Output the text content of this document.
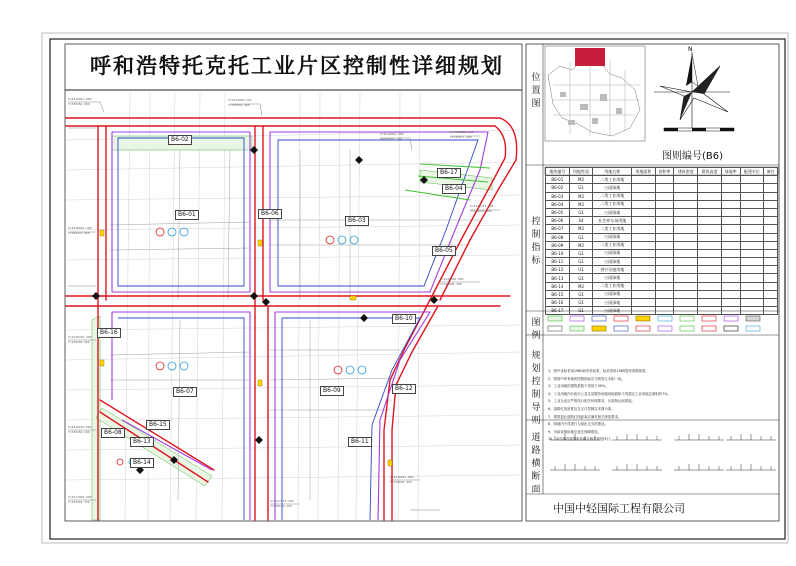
N
X=4418961.900
Y=538452.900
X=4419040.210
Y=538650.900
X=4418942.500
Y=538872.100
X=4418925.100
Y=539017.400
X=4418715.400
Y=539026.300
X=4418450.200
Y=538956.300
X=4418602.100
Y=538472.600
X=4418410.300
Y=538468.900
X=4418165.800
Y=538459.200
X=4417902.600
Y=538455.700	X=4417925.300
Y=538640.100
X=4418022.800
Y=538802.400
呼和浩特托克托工业片区控制性详细规划	位置图
控制指标
图例
规划控制导则
道路横断面
图则编号(B6)
中国中轻国际工程有限公司
B6-02
B6-01	B6-06
B6-03
B6-17
B6-04
B6-05
B6-16
B6-10
B6-07	B6-09	B6-12
B6-15
B6-08
B6-13
B6-14
B6-11
地块编号	用地性质	用地名称	用地面积	容积率	建筑密度	建筑高度	绿地率	配建车位	备注
B6-01	M2	二类工业用地							
B6-02	G1	公园绿地							
B6-03	M2	二类工业用地							
B6-04	M2	二类工业用地							
B6-05	G1	公园绿地							
B6-06	S4	社会停车场用地							
B6-07	M2	二类工业用地							
B6-08	G1	公园绿地							
B6-09	M2	二类工业用地							
B6-10	G1	公园绿地							
B6-11	G1	公园绿地							
B6-12	U1	供应设施用地							
B6-13	G1	公园绿地							
B6-14	M2	二类工业用地							
B6-15	G1	公园绿地							
B6-16	G1	公园绿地							
B6-17	G1	公园绿地							
1、图中坐标采用1980西安坐标系，标高采用1985国家高程基准。
2、图则中所有地块控制指标应与规划文本相一致。
3、工业用地的建筑系数不得低于30%。
4、工业用地内行政办公及生活服务设施用地面积不得超过工业用地总面积的7%。
5、工业企业应严格执行相关环保要求，污染物达标排放。
6、道路红线宽度及交叉口控制以本图为准。
7、建筑退让道路红线距离应满足相关规范要求。
8、绿地内不得进行与绿化无关的建设。
9、市政设施用地应优先保障建设。
10、未尽事宜按国家及地方相关规范执行。
